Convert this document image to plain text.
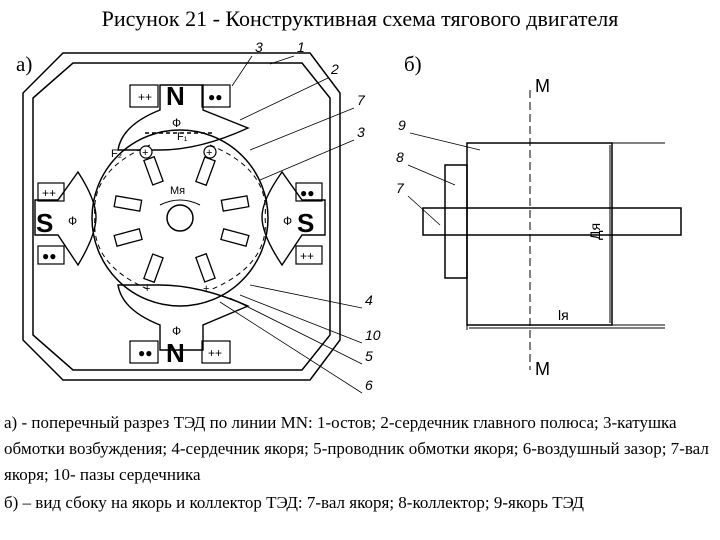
Рисунок 21 - Конструктивная схема тягового двигателя
а)	б)
+	+
+	+
++	●●
●●	++
++
●●
●●
++
N
N
S	S
Ф
Ф
Ф	Ф
F₂
F₁
Мя
3 1
2
7
3
4
10
5
6
М
М
Дя
lя
9
8
7
а) - поперечный разрез ТЭД по линии МN: 1-остов; 2-сердечник главного полюса; 3-катушка обмотки возбуждения; 4-сердечник якоря; 5-проводник обмотки якоря; 6-воздушный зазор; 7-вал якоря; 10- пазы сердечника
б) – вид сбоку на якорь и коллектор ТЭД: 7-вал якоря; 8-коллектор; 9-якорь ТЭД
